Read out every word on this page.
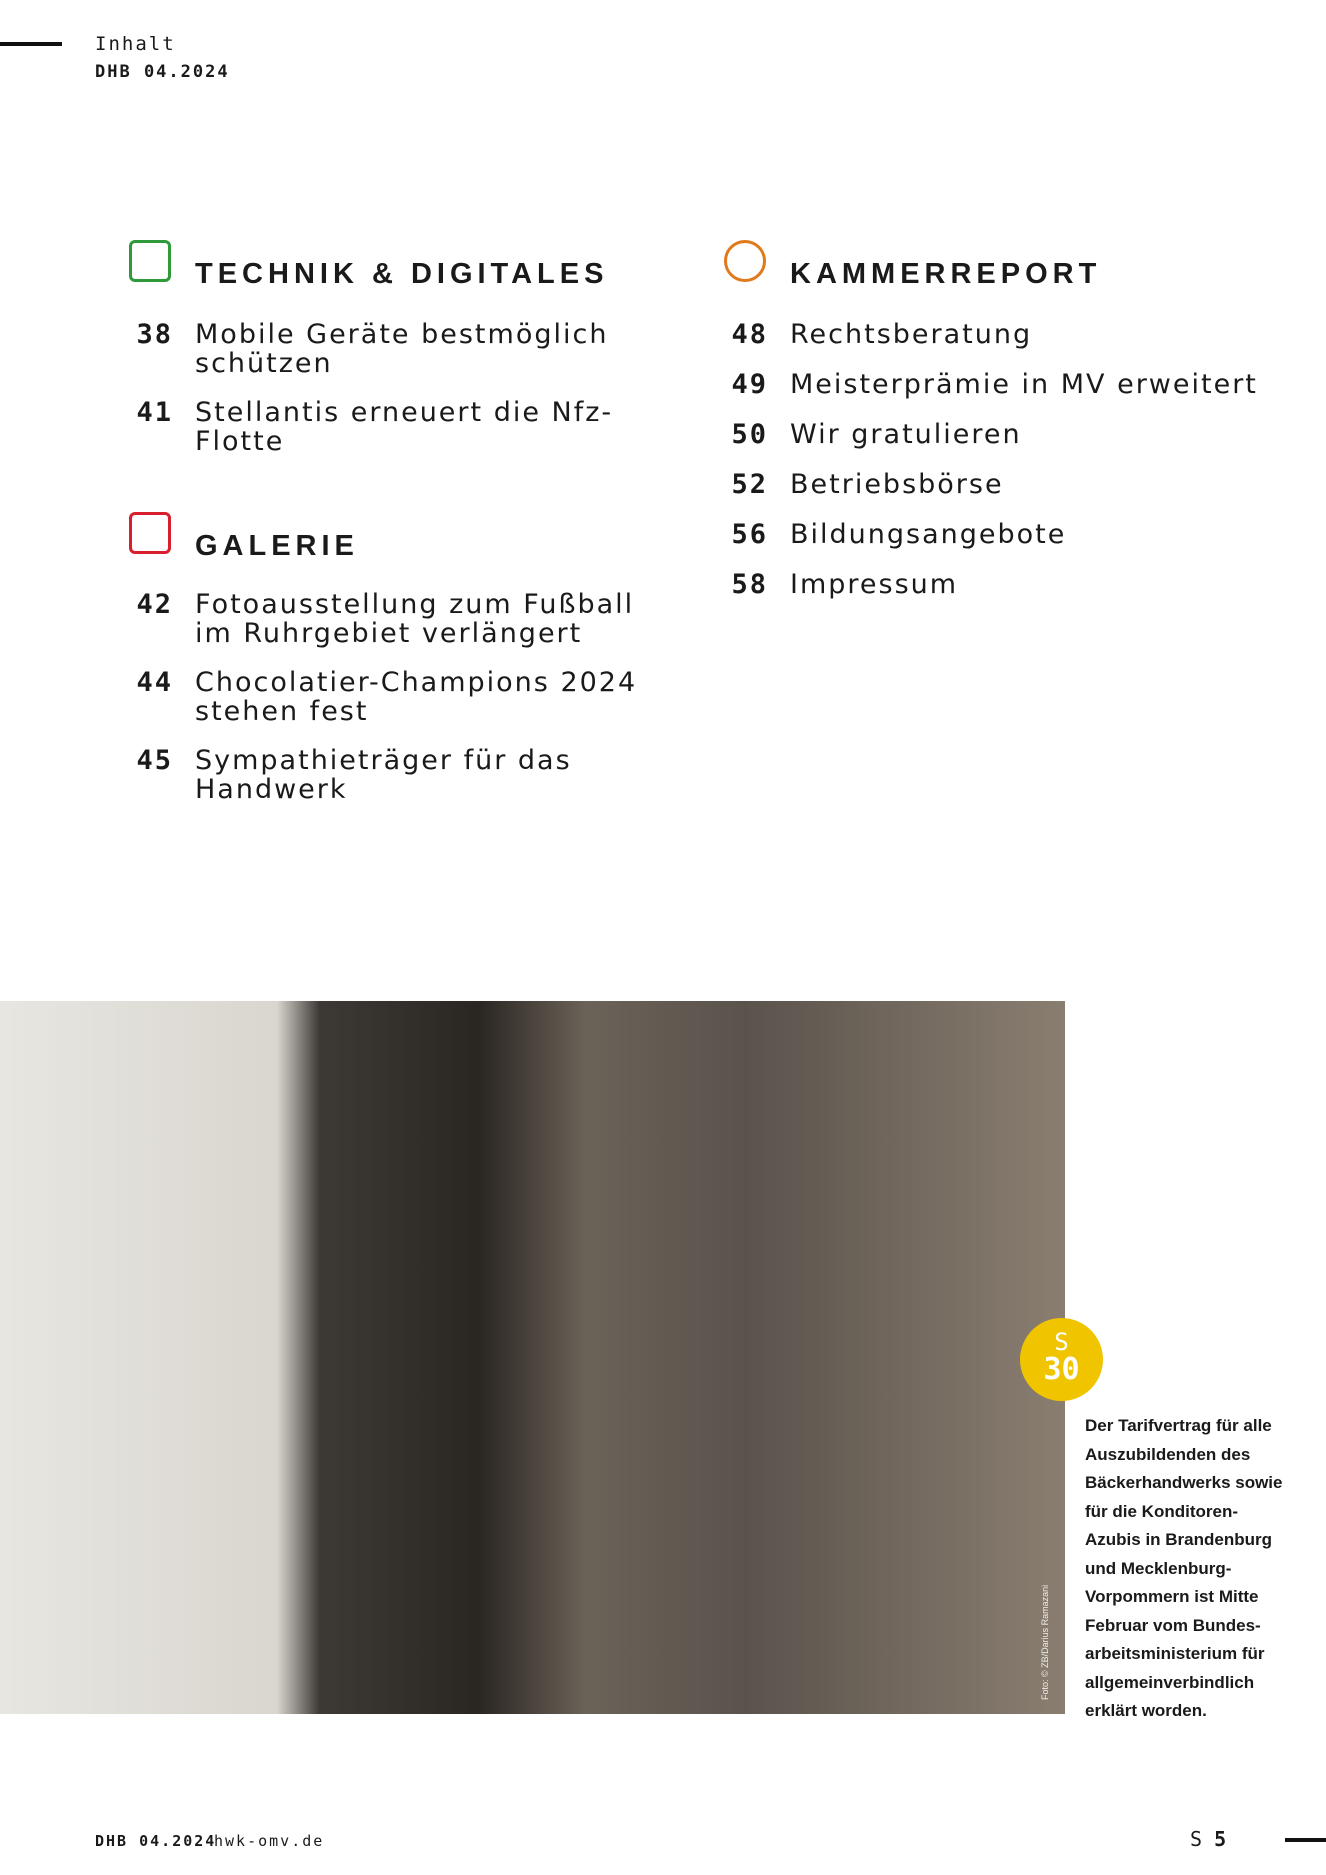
Inhalt
DHB 04.2024
TECHNIK & DIGITALES
38 Mobile Geräte bestmöglich schützen
41 Stellantis erneuert die Nfz-Flotte
GALERIE
42 Fotoausstellung zum Fußball im Ruhrgebiet verlängert
44 Chocolatier-Champions 2024 stehen fest
45 Sympathieträger für das Handwerk
KAMMERREPORT
48 Rechtsberatung
49 Meisterprämie in MV erweitert
50 Wir gratulieren
52 Betriebsbörse
56 Bildungsangebote
58 Impressum
Foto: © ZB/Darius Ramazani
S
30
Der Tarifvertrag für alle Auszubildenden des Bäckerhandwerks sowie für die Konditoren-Azubis in Brandenburg und Mecklenburg-Vorpommern ist Mitte Februar vom Bundes-arbeitsministerium für allgemeinverbindlich erklärt worden.
DHB 04.2024
hwk-omv.de	S 5
